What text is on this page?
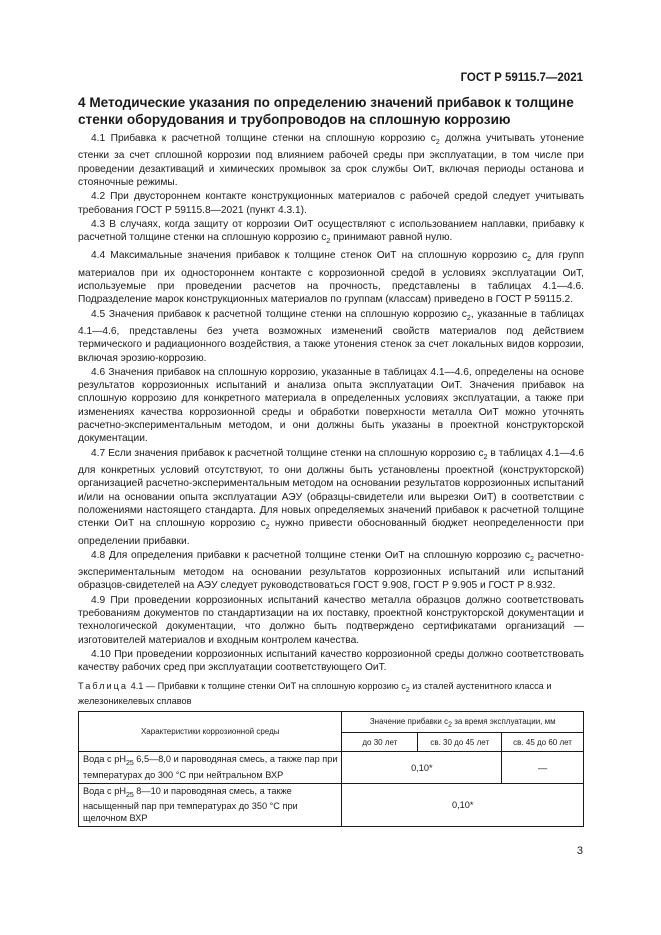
ГОСТ Р 59115.7—2021
4 Методические указания по определению значений прибавок к толщине стенки оборудования и трубопроводов на сплошную коррозию

4.1 Прибавка к расчетной толщине стенки на сплошную коррозию $c_2$ должна учитывать утонение стенки за счет сплошной коррозии под влиянием рабочей среды при эксплуатации, в том числе при проведении дезактиваций и химических промывок за срок службы ОиТ, включая периоды останова и стояночные режимы.

4.2 При двустороннем контакте конструкционных материалов с рабочей средой следует учитывать требования ГОСТ Р 59115.8—2021 (пункт 4.3.1).

4.3 В случаях, когда защиту от коррозии ОиТ осуществляют с использованием наплавки, прибавку к расчетной толщине стенки на сплошную коррозию $c_2$ принимают равной нулю.

4.4 Максимальные значения прибавок к толщине стенок ОиТ на сплошную коррозию $c_2$ для групп материалов при их одностороннем контакте с коррозионной средой в условиях эксплуатации ОиТ, используемые при проведении расчетов на прочность, представлены в таблицах 4.1—4.6. Подразделение марок конструкционных материалов по группам (классам) приведено в ГОСТ Р 59115.2.

4.5 Значения прибавок к расчетной толщине стенки на сплошную коррозию $c_2$, указанные в таблицах 4.1—4.6, представлены без учета возможных изменений свойств материалов под действием термического и радиационного воздействия, а также утонения стенок за счет локальных видов коррозии, включая эрозию-коррозию.

4.6 Значения прибавок на сплошную коррозию, указанные в таблицах 4.1—4.6, определены на основе результатов коррозионных испытаний и анализа опыта эксплуатации ОиТ. Значения прибавок на сплошную коррозию для конкретного материала в определенных условиях эксплуатации, а также при изменениях качества коррозионной среды и обработки поверхности металла ОиТ можно уточнять расчетно-экспериментальным методом, и они должны быть указаны в проектной конструкторской документации.

4.7 Если значения прибавок к расчетной толщине стенки на сплошную коррозию $c_2$ в таблицах 4.1—4.6 для конкретных условий отсутствуют, то они должны быть установлены проектной (конструкторской) организацией расчетно-экспериментальным методом на основании результатов коррозионных испытаний и/или на основании опыта эксплуатации АЭУ (образцы-свидетели или вырезки ОиТ) в соответствии с положениями настоящего стандарта. Для новых определяемых значений прибавок к расчетной толщине стенки ОиТ на сплошную коррозию $c_2$ нужно привести обоснованный бюджет неопределенности при определении прибавки.

4.8 Для определения прибавки к расчетной толщине стенки ОиТ на сплошную коррозию $c_2$ расчетно-экспериментальным методом на основании результатов коррозионных испытаний или испытаний образцов-свидетелей на АЭУ следует руководствоваться ГОСТ 9.908, ГОСТ Р 9.905 и ГОСТ Р 8.932.

4.9 При проведении коррозионных испытаний качество металла образцов должно соответствовать требованиям документов по стандартизации на их поставку, проектной конструкторской документации и технологической документации, что должно быть подтверждено сертификатами организаций — изготовителей материалов и входным контролем качества.

4.10 При проведении коррозионных испытаний качество коррозионной среды должно соответствовать качеству рабочих сред при эксплуатации соответствующего ОиТ.

Таблица 4.1 — Прибавки к толщине стенки ОиТ на сплошную коррозию $c_2$ из сталей аустенитного класса и железоникелевых сплавов
Характеристики коррозионной среды	Значение прибавки $c_2$ за время эксплуатации, мм		
	до 30 лет	св. 30 до 45 лет	св. 45 до 60 лет
Вода с $pH_{25}$ 6,5—8,0 и пароводяная смесь, а также пар при температурах до 300 °С при нейтральном ВХР	0,10*		—
Вода с $pH_{25}$ 8—10 и пароводяная смесь, а также насыщенный пар при температурах до 350 °С при щелочном ВХР	0,10*		
3
